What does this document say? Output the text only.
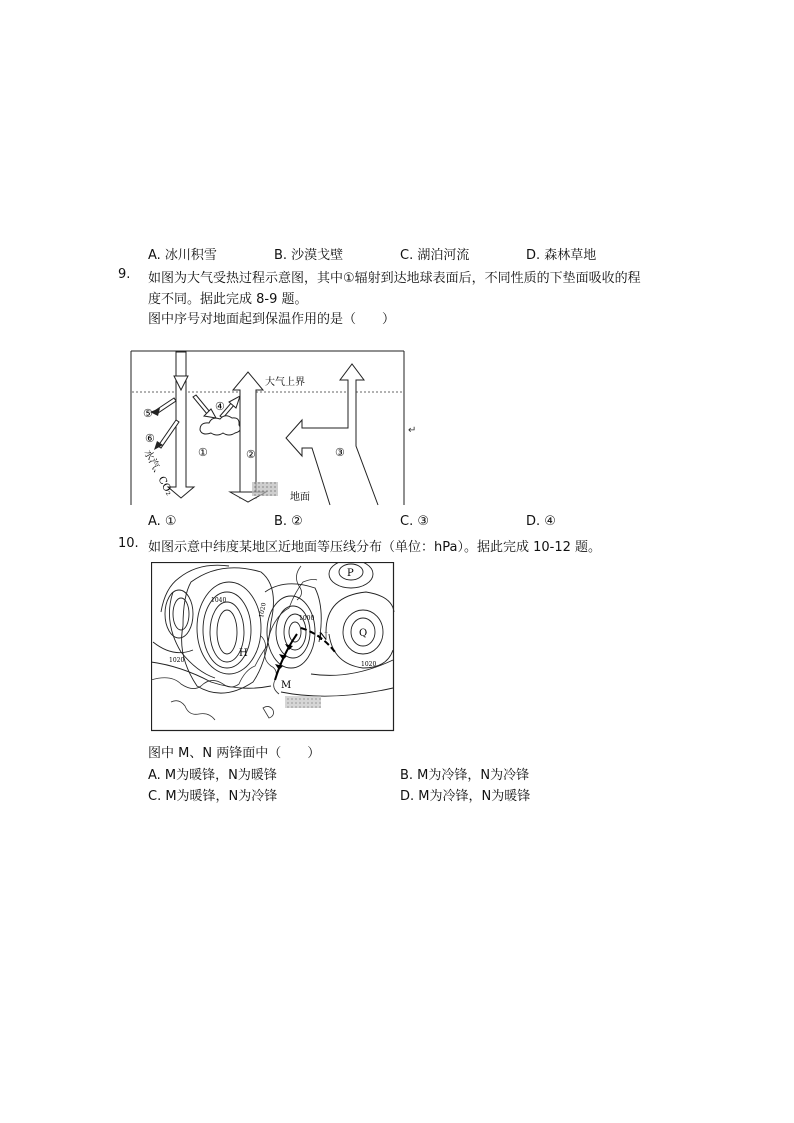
A. 冰川积雪	B. 沙漠戈壁	C. 湖泊河流	D. 森林草地
9. 如图为大气受热过程示意图，其中①辐射到达地球表面后，不同性质的下垫面吸收的程
度不同。据此完成 8-9 题。
图中序号对地面起到保温作用的是（　　）
大气上界
①
⑤
⑥
水汽、CO₂
④
②
地面
③
↵
A. ①	B. ②	C. ③	D. ④
10. 如图示意中纬度某地区近地面等压线分布（单位：hPa）。据此完成 10-12 题。
P
Q
H
M
N
1040
1020
1000
1020
1020
图中 M、N 两锋面中（　　）
A. M为暖锋，N为暖锋	B. M为冷锋，N为冷锋
C. M为暖锋，N为冷锋	D. M为冷锋，N为暖锋
